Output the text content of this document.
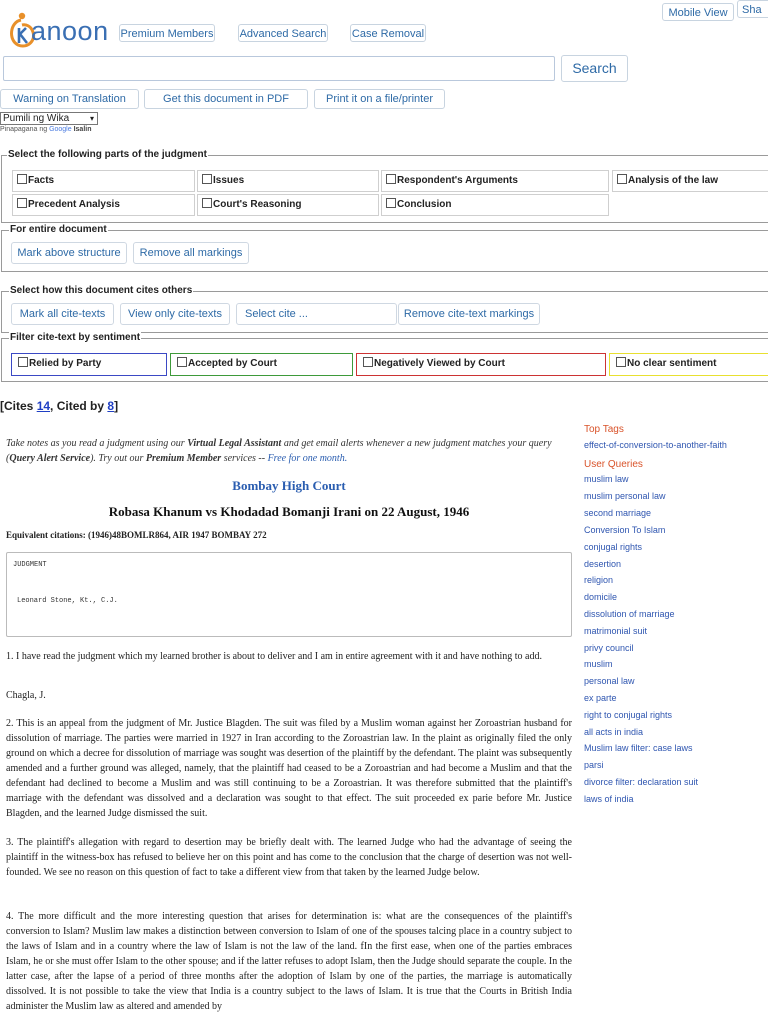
anoon Premium Members Advanced Search Case Removal
Mobile View	Sha
Search
Warning on Translation	Get this document in PDF	Print it on a file/printer
Pumili ng Wika	▾
Pinapagana ng Google Isalin
Select the following parts of the judgment
Facts	Issues	Respondent's Arguments	Analysis of the law
Precedent Analysis	Court's Reasoning	Conclusion
For entire document
Mark above structure	Remove all markings
Select how this document cites others
Mark all cite-texts	View only cite-texts	Select cite ...	Remove cite-text markings
Filter cite-text by sentiment
Relied by Party	Accepted by Court	Negatively Viewed by Court	No clear sentiment
[Cites 14, Cited by 8]
Take notes as you read a judgment using our Virtual Legal Assistant and get email alerts whenever a new judgment matches your query (Query Alert Service). Try out our Premium Member services -- Free for one month.
Bombay High Court
Robasa Khanum vs Khodadad Bomanji Irani on 22 August, 1946
Equivalent citations: (1946)48BOMLR864, AIR 1947 BOMBAY 272
JUDGMENT
Leonard Stone, Kt., C.J.
1. I have read the judgment which my learned brother is about to deliver and I am in entire agreement with it and have nothing to add.
Chagla, J.
2. This is an appeal from the judgment of Mr. Justice Blagden. The suit was filed by a Muslim woman against her Zoroastrian husband for dissolution of marriage. The parties were married in 1927 in Iran according to the Zoroastrian law. In the plaint as originally filed the only ground on which a decree for dissolution of marriage was sought was desertion of the plaintiff by the defendant. The plaint was subsequently amended and a further ground was alleged, namely, that the plaintiff had ceased to be a Zoroastrian and had become a Muslim and that the defendant had declined to become a Muslim and was still continuing to be a Zoroastrian. It was therefore submitted that the plaintiff's marriage with the defendant was dissolved and a declaration was sought to that effect. The suit proceeded ex parie before Mr. Justice Blagden, and the learned Judge dismissed the suit.
3. The plaintiff's allegation with regard to desertion may be briefly dealt with. The learned Judge who had the advantage of seeing the plaintiff in the witness-box has refused to believe her on this point and has come to the conclusion that the charge of desertion was not well-founded. We see no reason on this question of fact to take a different view from that taken by the learned Judge below.
4. The more difficult and the more interesting question that arises for determination is: what are the consequences of the plaintiff's conversion to Islam? Muslim law makes a distinction between conversion to Islam of one of the spouses talcing place in a country subject to the laws of Islam and in a country where the law of Islam is not the law of the land. fIn the first ease, when one of the parties embraces Islam, he or she must offer Islam to the other spouse; and if the latter refuses to adopt Islam, then the Judge should separate the couple. In the latter case, after the lapse of a period of three months after the adoption of Islam by one of the parties, the marriage is automatically dissolved. It is not possible to take the view that India is a country subject to the laws of Islam. It is true that the Courts in British India administer the Muslim law as altered and amended by
Top Tags
effect-of-conversion-to-another-faith
User Queries
muslim law
muslim personal law
second marriage
Conversion To Islam
conjugal rights
desertion
religion
domicile
dissolution of marriage
matrimonial suit
privy council
muslim
personal law
ex parte
right to conjugal rights
all acts in india
Muslim law filter: case laws
parsi
divorce filter: declaration suit
laws of india
